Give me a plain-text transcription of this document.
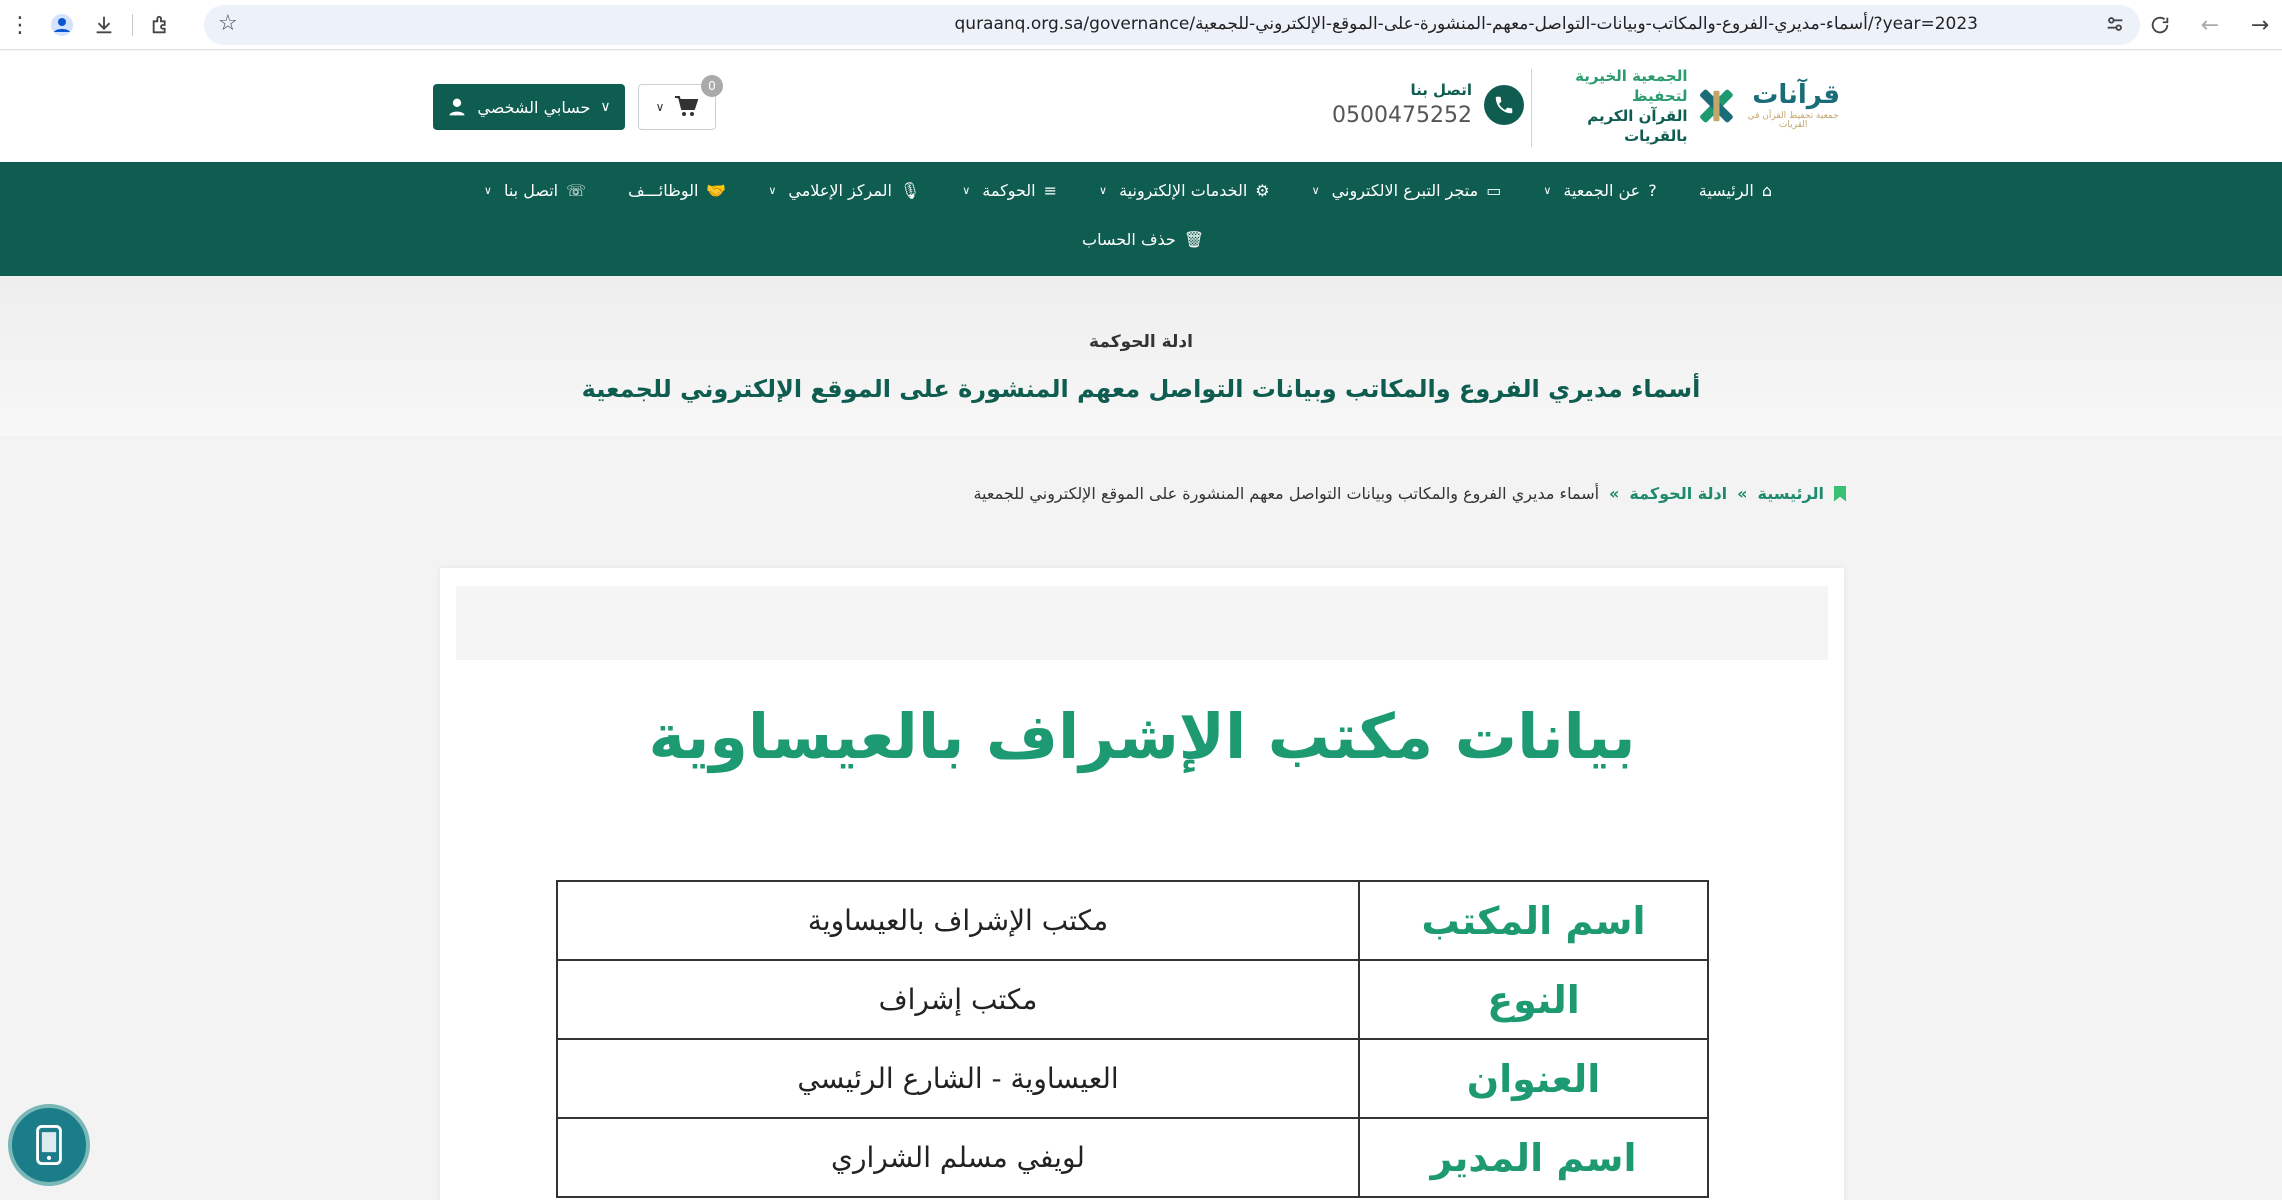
⋮	☆	quraanq.org.sa/governance/أسماء-مديري-الفروع-والمكاتب-وبيانات-التواصل-معهم-المنشورة-على-الموقع-الإلكتروني-للجمعية/?year=2023	← →
قرآنات
جمعية تحفيظ القرآن في القريات
الجمعية الخيرية لتحفيظ
القرآن الكريم بالقريات
اتصل بنا
0500475252
∨
0
حسابي الشخصي ∨
⌂
الرئيسية
?
عن الجمعية
∨
▭
متجر التبرع الالكتروني
∨
⚙
الخدمات الإلكترونية
∨
≡
الحوكمة
∨
🎙
المركز الإعلامي
∨
🤝
الوظائـــف
☏
اتصل بنا
∨
🗑
حذف الحساب
ادلة الحوكمة
أسماء مديري الفروع والمكاتب وبيانات التواصل معهم المنشورة على الموقع الإلكتروني للجمعية
الرئيسية
»
ادلة الحوكمة
»
أسماء مديري الفروع والمكاتب وبيانات التواصل معهم المنشورة على الموقع الإلكتروني للجمعية
بيانات مكتب الإشراف بالعيساوية
اسم المكتب	مكتب الإشراف بالعيساوية
النوع	مكتب إشراف
العنوان	العيساوية - الشارع الرئيسي
اسم المدير	لويفي مسلم الشراري
